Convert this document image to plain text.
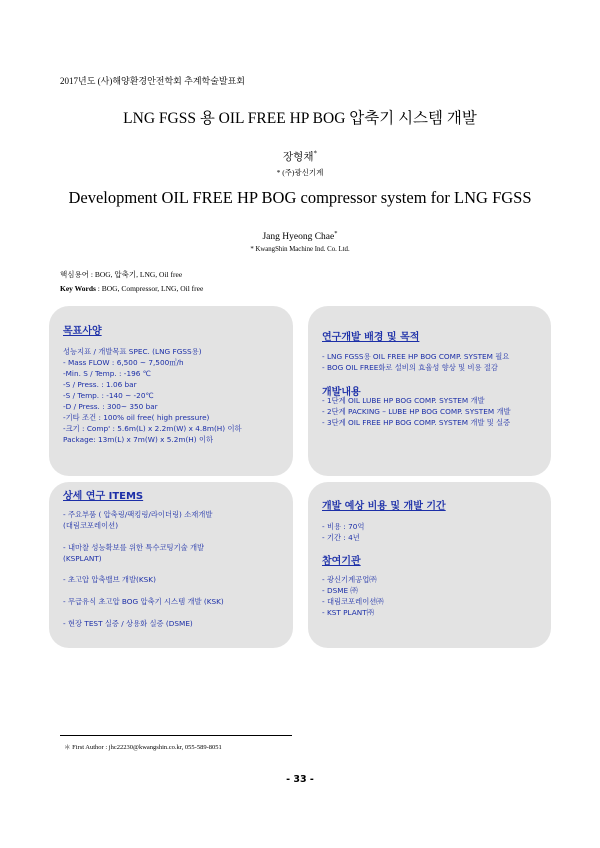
2017년도 (사)해양환경안전학회 추계학술발표회
LNG FGSS 용 OIL FREE HP BOG 압축기 시스템 개발
장형채*
* (주)광신기계
Development OIL FREE HP BOG compressor system for LNG FGSS
Jang Hyeong Chae*
* KwangShin Machine Ind. Co. Ltd.
핵심용어 : BOG, 압축기, LNG, Oil free
Key Words : BOG, Compressor, LNG, Oil free
목표사양
성능지표 / 개발목표 SPEC. (LNG FGSS용)
- Mass FLOW : 6,500 ~ 7,500㎥/h
-Min. S / Temp. : -196 ℃
-S / Press. : 1.06 bar
-S / Temp. : -140 ~ -20℃
-D / Press. : 300~ 350 bar
-기타 조건 : 100% oil free( high pressure)
-크기 : Comp' : 5.6m(L) x 2.2m(W) x 4.8m(H) 이하
Package: 13m(L) x 7m(W) x 5.2m(H) 이하
연구개발 배경 및 목적
- LNG FGSS용 OIL FREE HP BOG COMP. SYSTEM 필요
- BOG OIL FREE화로 설비의 효율성 향상 및 비용 절감
개발내용
- 1단계 OIL LUBE HP BOG COMP. SYSTEM 개발
- 2단계 PACKING – LUBE HP BOG COMP. SYSTEM 개발
- 3단계 OIL FREE HP BOG COMP. SYSTEM 개발 및 실증
상세 연구 ITEMS
- 주요부품 ( 압축링/팩킹링/라이더링) 소재개발
(대림코포레이션)
- 내마찰 성능확보를 위한 특수코팅기술 개발
(KSPLANT)
- 초고압 압축밸브 개발(KSK)
- 무급유식 초고압 BOG 압축기 시스템 개발 (KSK)
- 현장 TEST 실증 / 상용화 실증 (DSME)
개발 예상 비용 및 개발 기간
- 비용 : 70억
- 기간 : 4년
참여기관
- 광신기계공업㈜
- DSME ㈜
- 대림코포레이션㈜
- KST PLANT㈜
＊ First Author : jhc22230@kwangshin.co.kr, 055-589-8051
- 33 -
